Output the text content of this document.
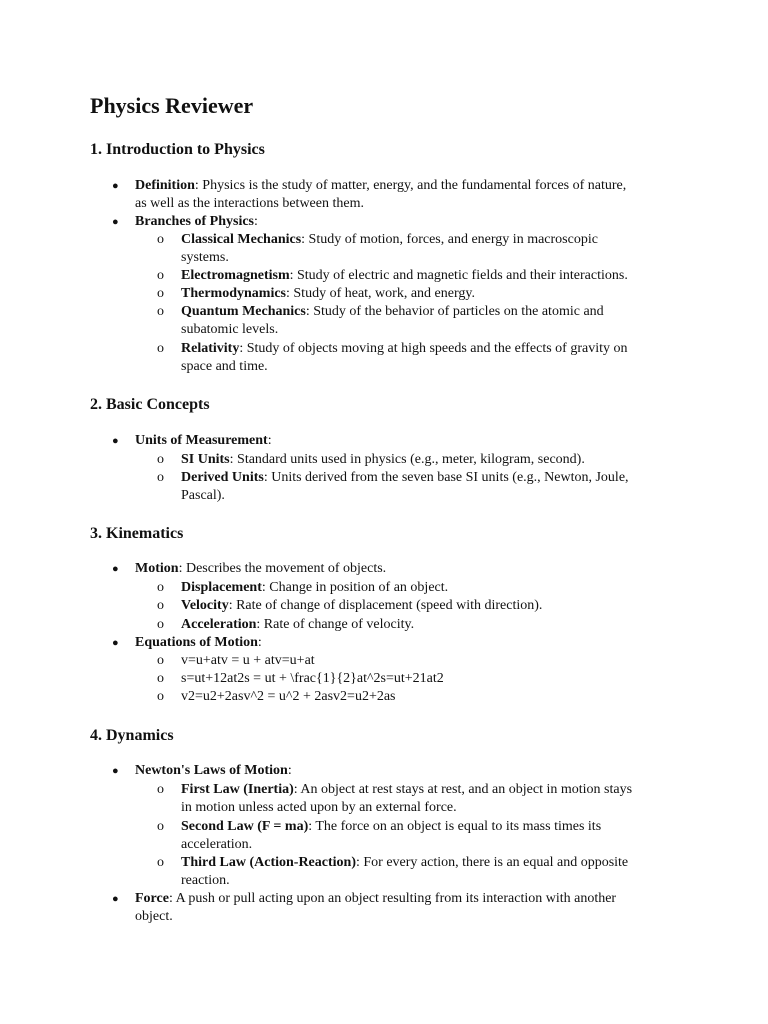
Physics Reviewer
1. Introduction to Physics
● Definition: Physics is the study of matter, energy, and the fundamental forces of nature,
as well as the interactions between them.
● Branches of Physics:
o Classical Mechanics: Study of motion, forces, and energy in macroscopic
systems.
o Electromagnetism: Study of electric and magnetic fields and their interactions.
o Thermodynamics: Study of heat, work, and energy.
o Quantum Mechanics: Study of the behavior of particles on the atomic and
subatomic levels.
o Relativity: Study of objects moving at high speeds and the effects of gravity on
space and time.
2. Basic Concepts
● Units of Measurement:
o SI Units: Standard units used in physics (e.g., meter, kilogram, second).
o Derived Units: Units derived from the seven base SI units (e.g., Newton, Joule,
Pascal).
3. Kinematics
● Motion: Describes the movement of objects.
o Displacement: Change in position of an object.
o Velocity: Rate of change of displacement (speed with direction).
o Acceleration: Rate of change of velocity.
● Equations of Motion:
o v=u+atv = u + atv=u+at
o s=ut+12at2s = ut + \frac{1}{2}at^2s=ut+21at2
o v2=u2+2asv^2 = u^2 + 2asv2=u2+2as
4. Dynamics
● Newton's Laws of Motion:
o First Law (Inertia): An object at rest stays at rest, and an object in motion stays
in motion unless acted upon by an external force.
o Second Law (F = ma): The force on an object is equal to its mass times its
acceleration.
o Third Law (Action-Reaction): For every action, there is an equal and opposite
reaction.
● Force: A push or pull acting upon an object resulting from its interaction with another
object.
